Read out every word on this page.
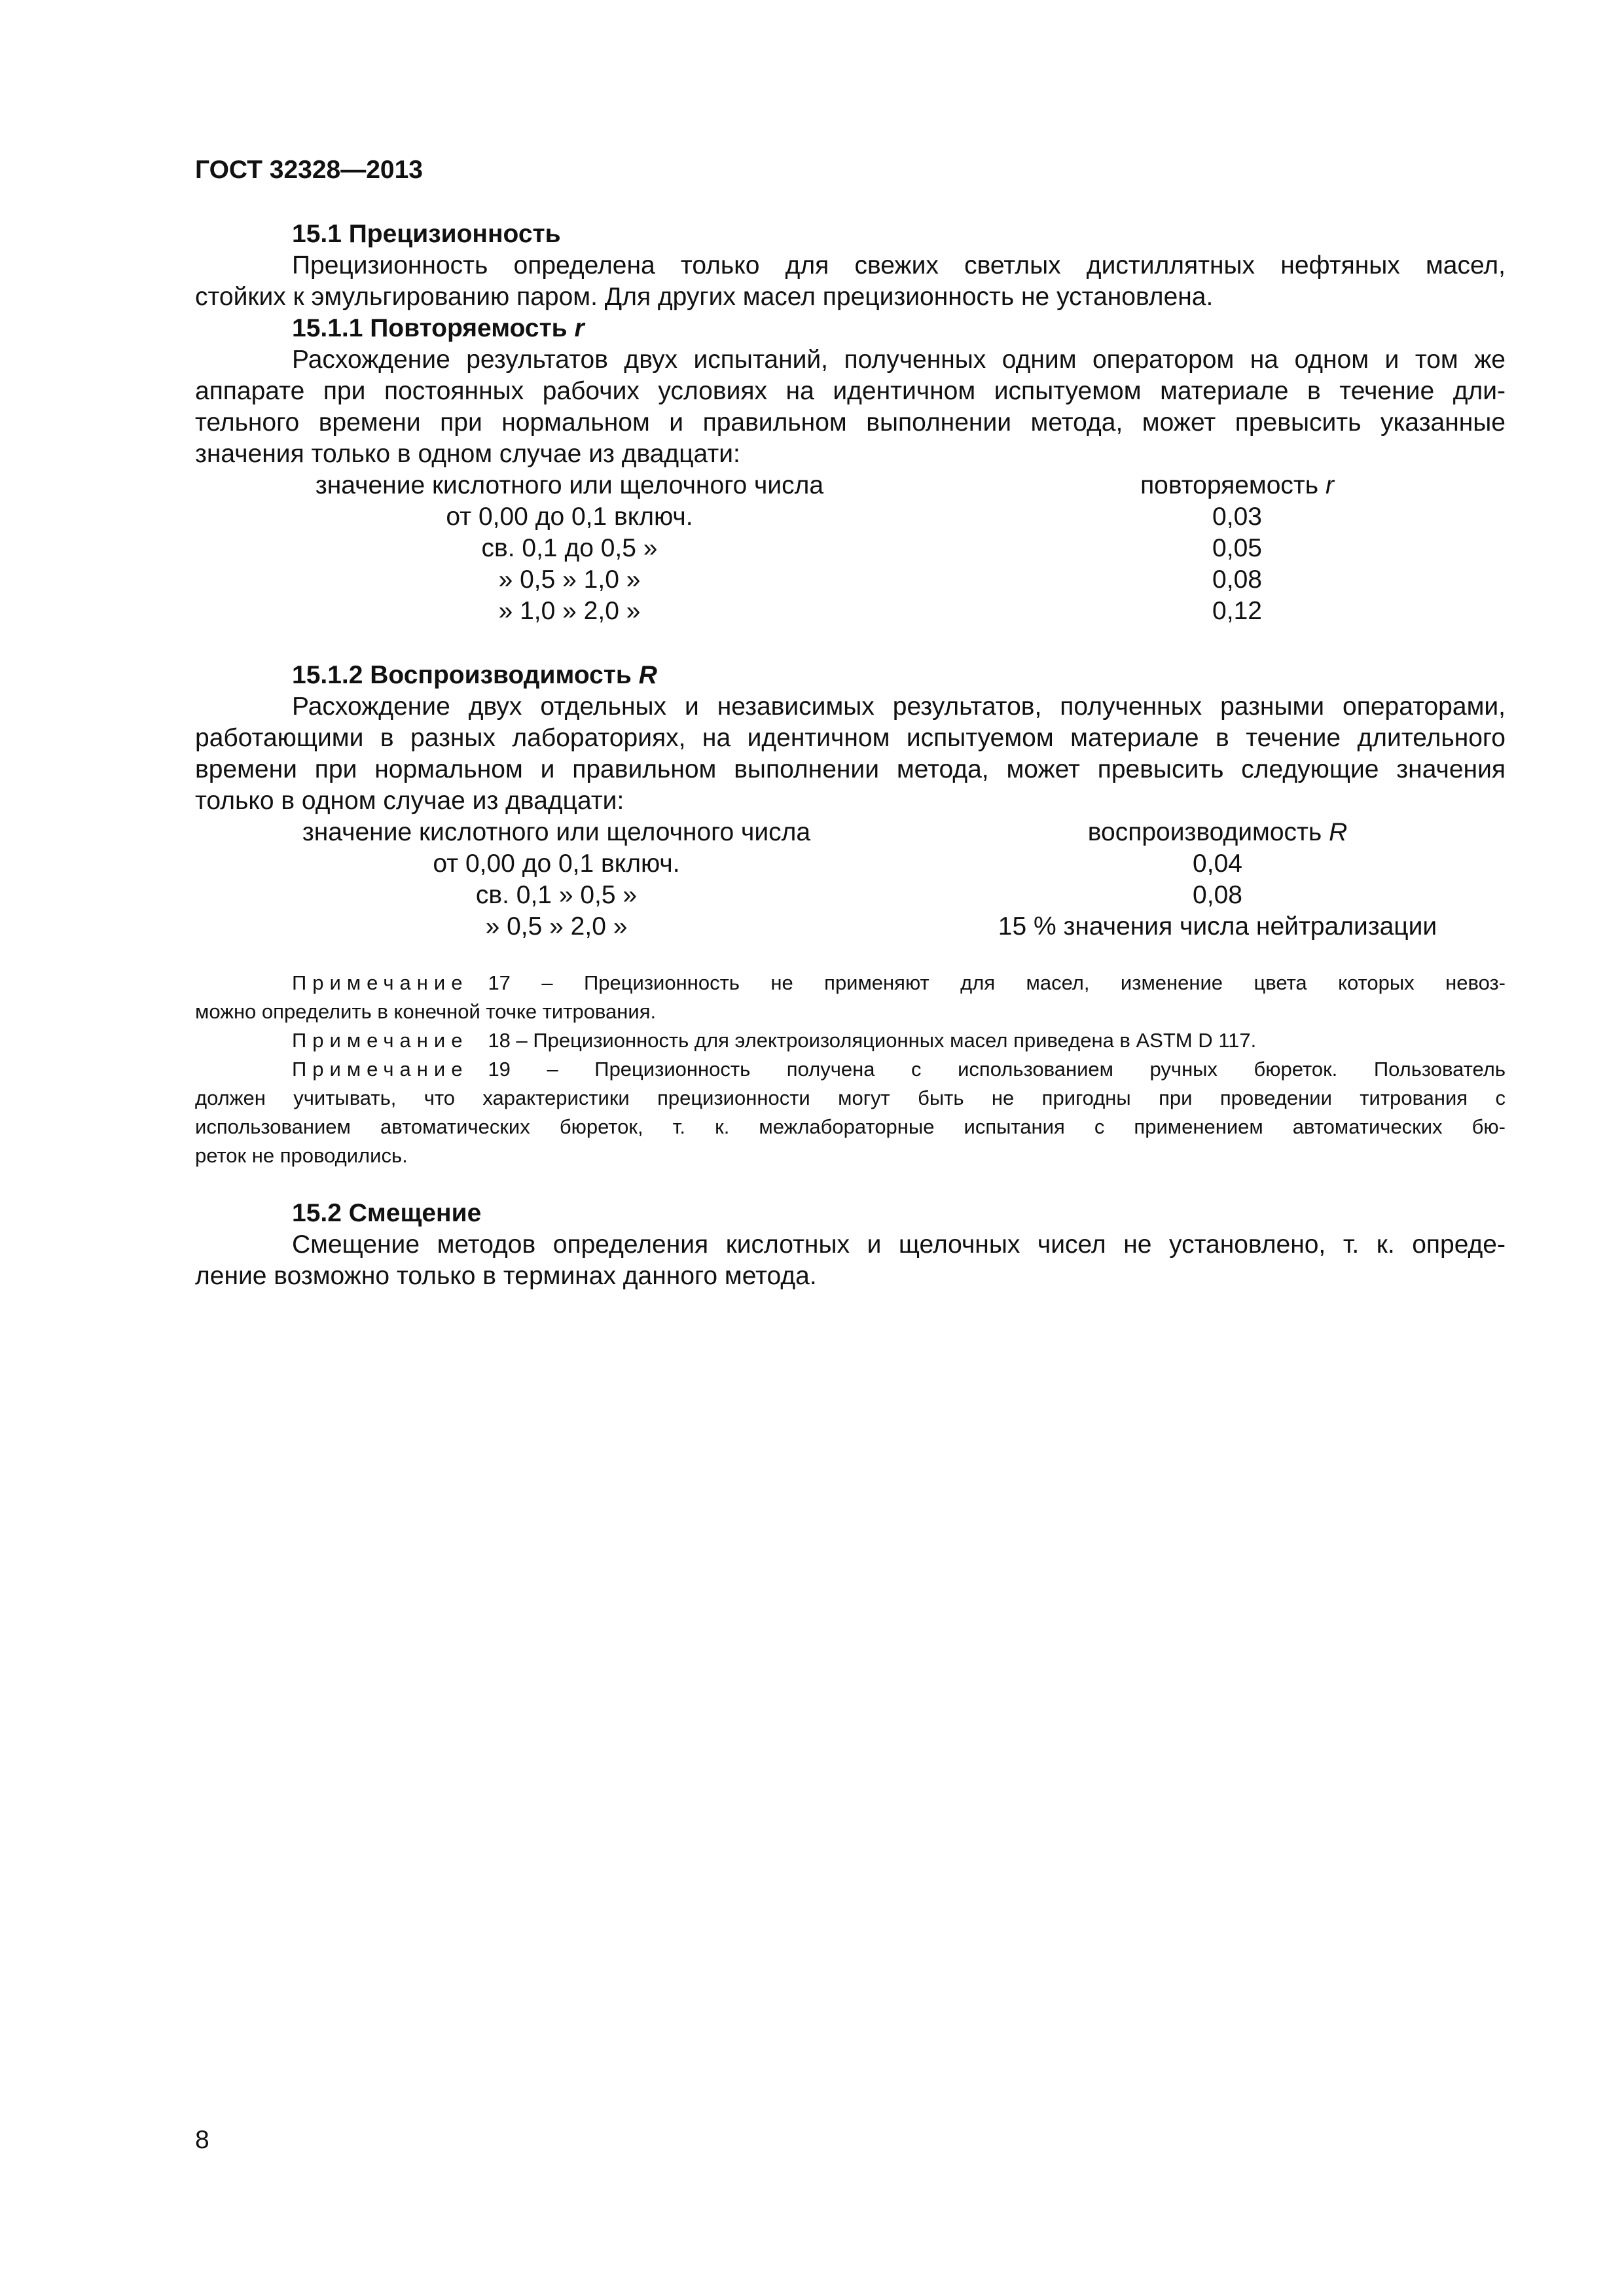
ГОСТ 32328—2013
15.1 Прецизионность
Прецизионность определена только для свежих светлых дистиллятных нефтяных масел,
стойких к эмульгированию паром. Для других масел прецизионность не установлена.
15.1.1 Повторяемость r
Расхождение результатов двух испытаний, полученных одним оператором на одном и том же
аппарате при постоянных рабочих условиях на идентичном испытуемом материале в течение дли-
тельного времени при нормальном и правильном выполнении метода, может превысить указанные
значения только в одном случае из двадцати:
значение кислотного или щелочного числа	повторяемость r
от 0,00 до 0,1 включ.	0,03
св. 0,1 до 0,5 »	0,05
» 0,5 » 1,0 »	0,08
» 1,0 » 2,0 »	0,12
15.1.2 Воспроизводимость R
Расхождение двух отдельных и независимых результатов, полученных разными операторами,
работающими в разных лабораториях, на идентичном испытуемом материале в течение длительного
времени при нормальном и правильном выполнении метода, может превысить следующие значения
только в одном случае из двадцати:
значение кислотного или щелочного числа	воспроизводимость R
от 0,00 до 0,1 включ.	0,04
св. 0,1 » 0,5 »	0,08
» 0,5 » 2,0 »	15 % значения числа нейтрализации
Примечание 17 – Прецизионность не применяют для масел, изменение цвета которых невоз-
можно определить в конечной точке титрования.
Примечание 18 – Прецизионность для электроизоляционных масел приведена в ASTM D 117.
Примечание 19 – Прецизионность получена с использованием ручных бюреток. Пользователь
должен учитывать, что характеристики прецизионности могут быть не пригодны при проведении титрования с
использованием автоматических бюреток, т. к. межлабораторные испытания с применением автоматических бю-
реток не проводились.
15.2 Смещение
Смещение методов определения кислотных и щелочных чисел не установлено, т. к. опреде-
ление возможно только в терминах данного метода.
8
